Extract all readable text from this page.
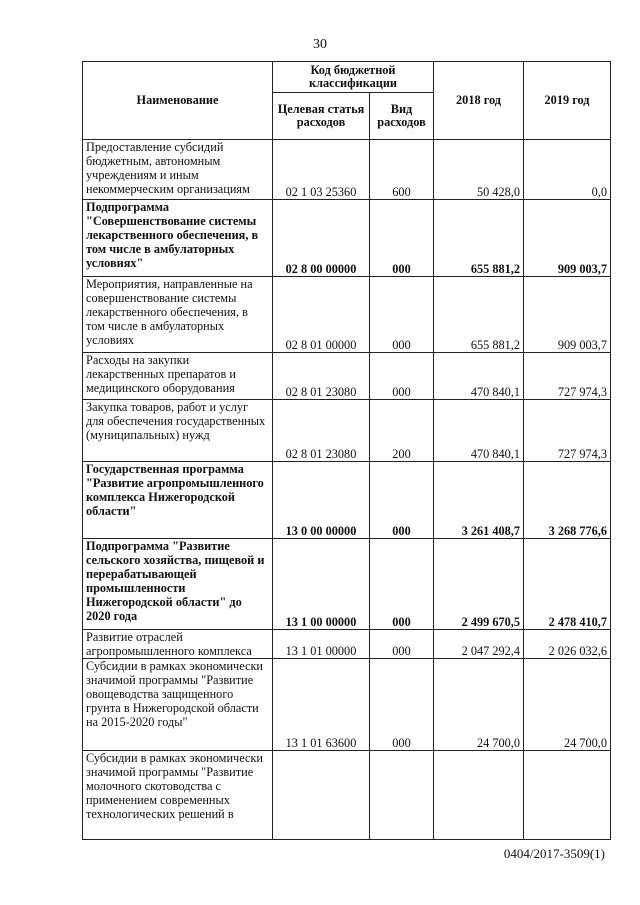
30
Наименование	Код бюджетной классификации		2018 год	2019 год
	Целевая статья расходов	Вид расходов		
Предоставление субсидий бюджетным, автономным учреждениям и иным некоммерческим организациям	02 1 03 25360	600	50 428,0	0,0
Подпрограмма "Совершенствование системы лекарственного обеспечения, в том числе в амбулаторных условиях"	02 8 00 00000	000	655 881,2	909 003,7
Мероприятия, направленные на совершенствование системы лекарственного обеспечения, в том числе в амбулаторных условиях	02 8 01 00000	000	655 881,2	909 003,7
Расходы на закупки лекарственных препаратов и медицинского оборудования	02 8 01 23080	000	470 840,1	727 974,3
Закупка товаров, работ и услуг для обеспечения государственных (муниципальных) нужд	02 8 01 23080	200	470 840,1	727 974,3
Государственная программа "Развитие агропромышленного комплекса Нижегородской области"	13 0 00 00000	000	3 261 408,7	3 268 776,6
Подпрограмма "Развитие сельского хозяйства, пищевой и перерабатывающей промышленности Нижегородской области" до 2020 года	13 1 00 00000	000	2 499 670,5	2 478 410,7
Развитие отраслей агропромышленного комплекса	13 1 01 00000	000	2 047 292,4	2 026 032,6
Субсидии в рамках экономически значимой программы "Развитие овощеводства защищенного грунта в Нижегородской области на 2015-2020 годы"	13 1 01 63600	000	24 700,0	24 700,0
Субсидии в рамках экономически значимой программы "Развитие молочного скотоводства с применением современных технологических решений в				
0404/2017-3509(1)
